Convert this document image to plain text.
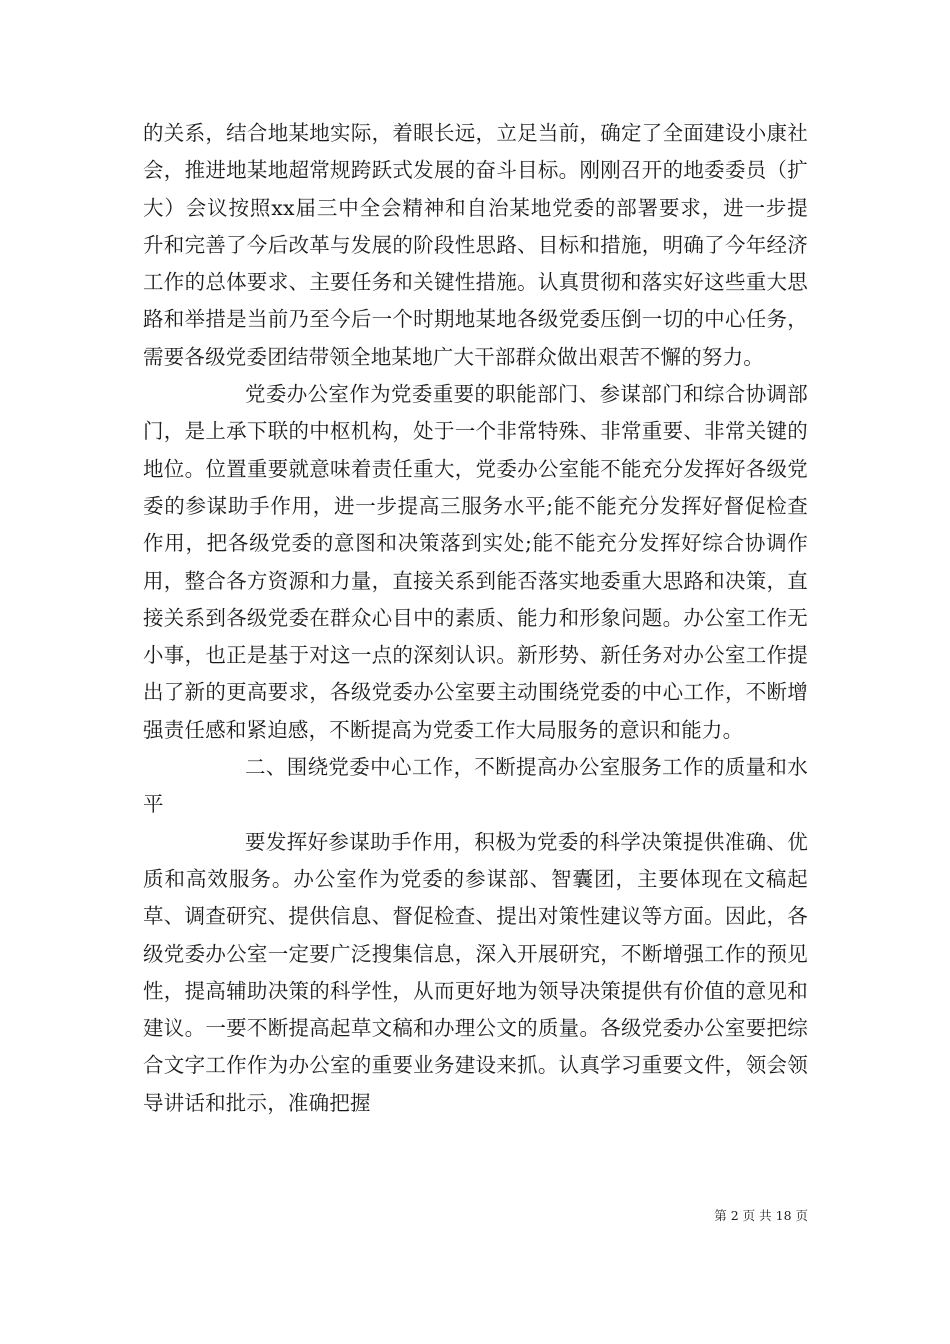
的关系，结合地某地实际，着眼长远，立足当前，确定了全面建设小康社会，推进地某地超常规跨跃式发展的奋斗目标。刚刚召开的地委委员（扩大）会议按照xx届三中全会精神和自治某地党委的部署要求，进一步提升和完善了今后改革与发展的阶段性思路、目标和措施，明确了今年经济工作的总体要求、主要任务和关键性措施。认真贯彻和落实好这些重大思路和举措是当前乃至今后一个时期地某地各级党委压倒一切的中心任务，需要各级党委团结带领全地某地广大干部群众做出艰苦不懈的努力。

党委办公室作为党委重要的职能部门、参谋部门和综合协调部门，是上承下联的中枢机构，处于一个非常特殊、非常重要、非常关键的地位。位置重要就意味着责任重大，党委办公室能不能充分发挥好各级党委的参谋助手作用，进一步提高三服务水平;能不能充分发挥好督促检查作用，把各级党委的意图和决策落到实处;能不能充分发挥好综合协调作用，整合各方资源和力量，直接关系到能否落实地委重大思路和决策，直接关系到各级党委在群众心目中的素质、能力和形象问题。办公室工作无小事，也正是基于对这一点的深刻认识。新形势、新任务对办公室工作提出了新的更高要求，各级党委办公室要主动围绕党委的中心工作，不断增强责任感和紧迫感，不断提高为党委工作大局服务的意识和能力。

二、围绕党委中心工作，不断提高办公室服务工作的质量和水平

要发挥好参谋助手作用，积极为党委的科学决策提供准确、优质和高效服务。办公室作为党委的参谋部、智囊团，主要体现在文稿起草、调查研究、提供信息、督促检查、提出对策性建议等方面。因此，各级党委办公室一定要广泛搜集信息，深入开展研究，不断增强工作的预见性，提高辅助决策的科学性，从而更好地为领导决策提供有价值的意见和建议。一要不断提高起草文稿和办理公文的质量。各级党委办公室要把综合文字工作作为办公室的重要业务建设来抓。认真学习重要文件，领会领导讲话和批示，准确把握

第 2 页 共 18 页
